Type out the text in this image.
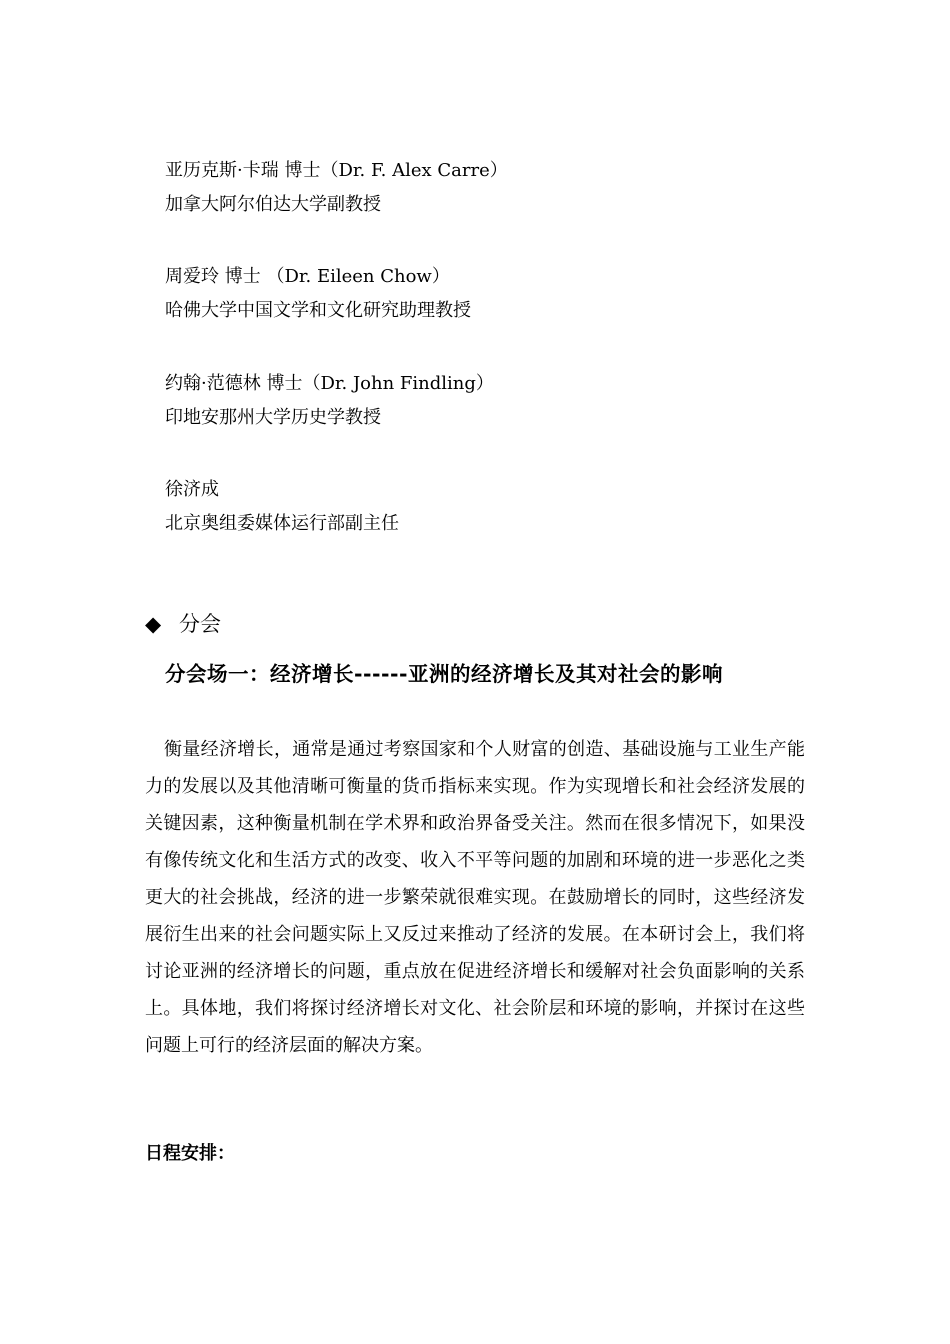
亚历克斯·卡瑞 博士（Dr. F. Alex Carre）
加拿大阿尔伯达大学副教授
周爱玲 博士 （Dr. Eileen Chow）
哈佛大学中国文学和文化研究助理教授
约翰·范德林 博士（Dr. John Findling）
印地安那州大学历史学教授
徐济成
北京奥组委媒体运行部副主任
◆ 分会
分会场一：经济增长------亚洲的经济增长及其对社会的影响
衡量经济增长，通常是通过考察国家和个人财富的创造、基础设施与工业生产能力的发展以及其他清晰可衡量的货币指标来实现。作为实现增长和社会经济发展的关键因素，这种衡量机制在学术界和政治界备受关注。然而在很多情况下，如果没有像传统文化和生活方式的改变、收入不平等问题的加剧和环境的进一步恶化之类更大的社会挑战，经济的进一步繁荣就很难实现。在鼓励增长的同时，这些经济发展衍生出来的社会问题实际上又反过来推动了经济的发展。在本研讨会上，我们将讨论亚洲的经济增长的问题，重点放在促进经济增长和缓解对社会负面影响的关系上。具体地，我们将探讨经济增长对文化、社会阶层和环境的影响，并探讨在这些问题上可行的经济层面的解决方案。
日程安排：
